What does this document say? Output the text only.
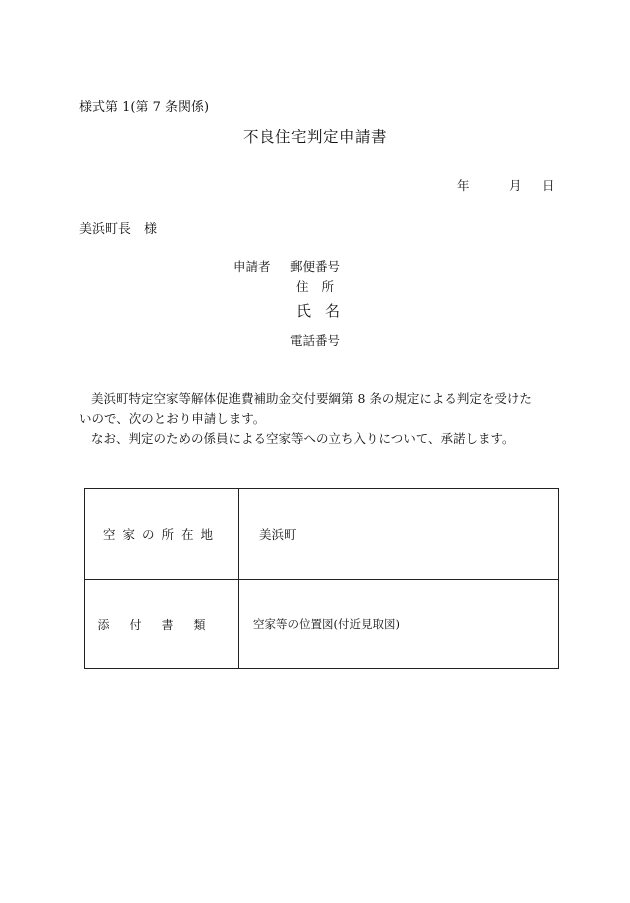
様式第 1(第 7 条関係)
不良住宅判定申請書
年	月 日
美浜町長　様
申請者 郵便番号
住所
氏名
電話番号

美浜町特定空家等解体促進費補助金交付要綱第 8 条の規定による判定を受けた

いので、次のとおり申請します。

なお、判定のための係員による空家等への立ち入りについて、承諾します。

空家の所在地	美浜町
添付書類	空家等の位置図(付近見取図)
